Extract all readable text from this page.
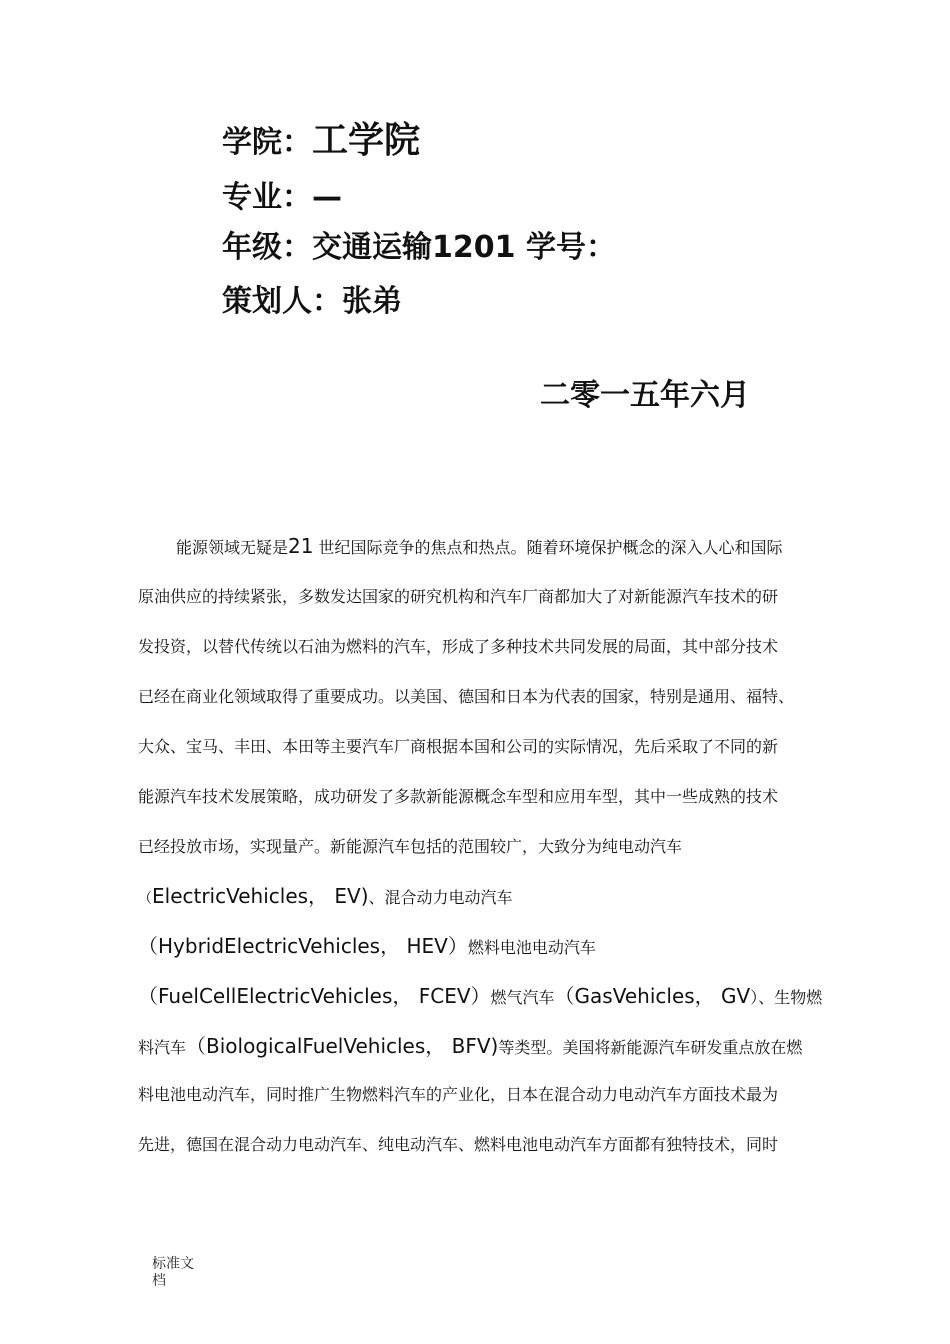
学院：工学院
专业：—
年级：交通运输1201 学号：
策划人：张弟
二零一五年六月
能源领域无疑是21 世纪国际竞争的焦点和热点。随着环境保护概念的深入人心和国际
原油供应的持续紧张，多数发达国家的研究机构和汽车厂商都加大了对新能源汽车技术的研
发投资，以替代传统以石油为燃料的汽车，形成了多种技术共同发展的局面，其中部分技术
已经在商业化领域取得了重要成功。以美国、德国和日本为代表的国家，特别是通用、福特、
大众、宝马、丰田、本田等主要汽车厂商根据本国和公司的实际情况，先后采取了不同的新
能源汽车技术发展策略，成功研发了多款新能源概念车型和应用车型，其中一些成熟的技术
已经投放市场，实现量产。新能源汽车包括的范围较广，大致分为纯电动汽车
（ElectricVehicles， EV)、混合动力电动汽车
（HybridElectricVehicles， HEV）燃料电池电动汽车
（FuelCellElectricVehicles， FCEV）燃气汽车（GasVehicles， GV）、生物燃
料汽车（BiologicalFuelVehicles， BFV)等类型。美国将新能源汽车研发重点放在燃
料电池电动汽车，同时推广生物燃料汽车的产业化，日本在混合动力电动汽车方面技术最为
先进，德国在混合动力电动汽车、纯电动汽车、燃料电池电动汽车方面都有独特技术，同时
标准文档
